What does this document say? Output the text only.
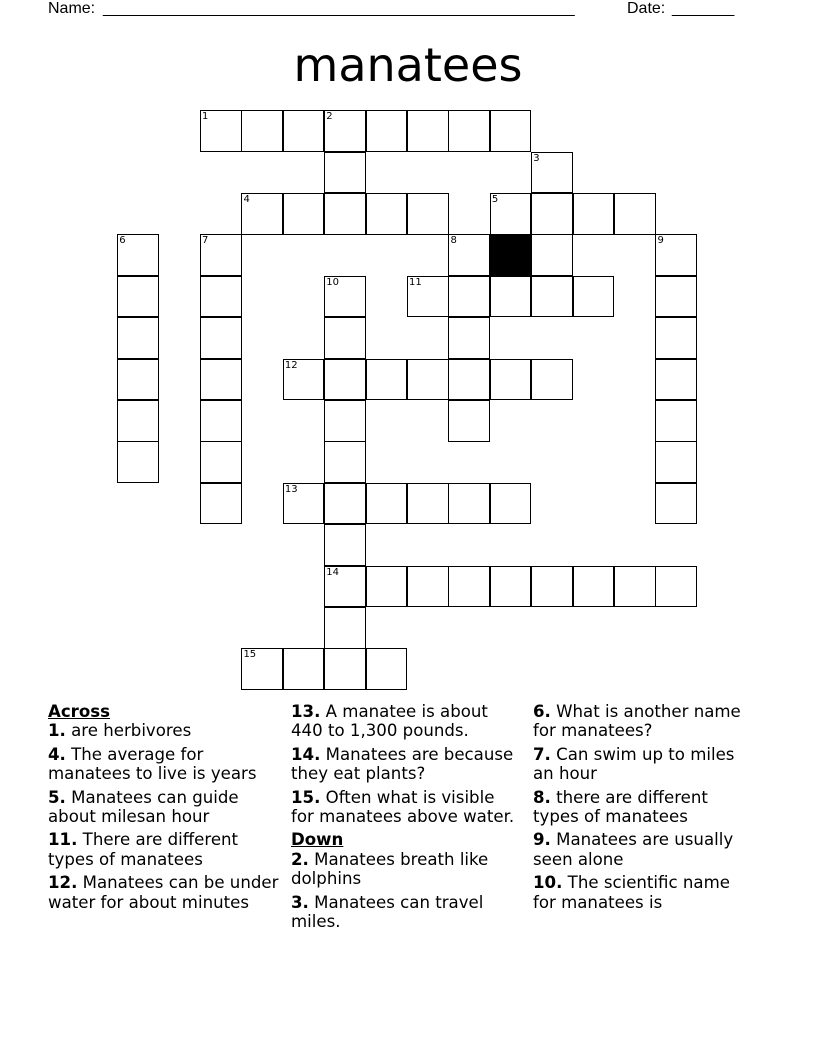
Name: _____________________________________________________	Date: _______
manatees
1	2
3
4	5
6	7	8	9
10	11
12
13
14
15
Across
1. are herbivores
4. The average for manatees to live is years
5. Manatees can guide about milesan hour
11. There are different types of manatees
12. Manatees can be under water for about minutes
13. A manatee is about 440 to 1,300 pounds.
14. Manatees are because they eat plants?
15. Often what is visible for manatees above water.
Down
2. Manatees breath like dolphins
3. Manatees can travel miles.
6. What is another name for manatees?
7. Can swim up to miles an hour
8. there are different types of manatees
9. Manatees are usually seen alone
10. The scientific name for manatees is
